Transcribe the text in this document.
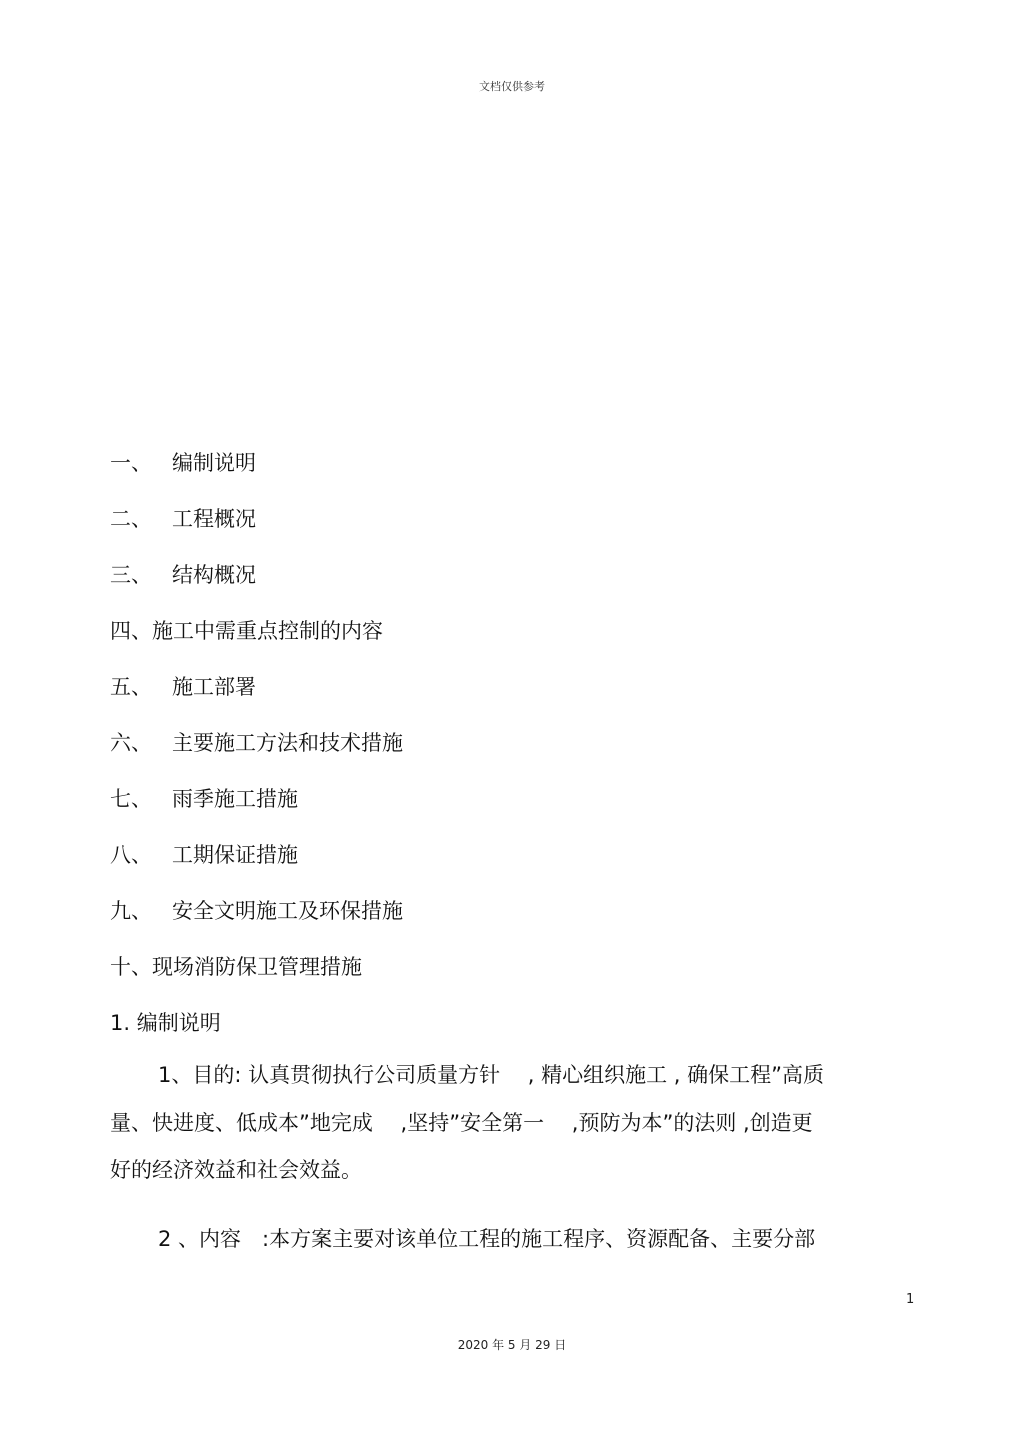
文档仅供参考
一、 编制说明
二、 工程概况
三、 结构概况
四、施工中需重点控制的内容
五、 施工部署
六、 主要施工方法和技术措施
七、 雨季施工措施
八、 工期保证措施
九、 安全文明施工及环保措施
十、现场消防保卫管理措施
1. 编制说明
1、目的: 认真贯彻执行公司质量方针　 , 精心组织施工 , 确保工程”高质
量、快进度、低成本”地完成　 ,坚持”安全第一　 ,预防为本”的法则 ,创造更
好的经济效益和社会效益。
2 、内容　:本方案主要对该单位工程的施工程序、资源配备、主要分部
1
2020 年 5 月 29 日
